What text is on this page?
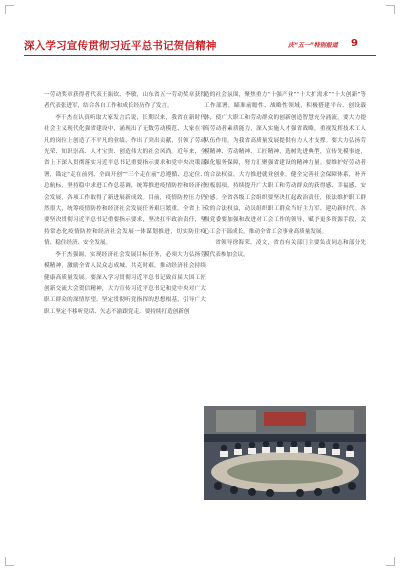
深入学习宣传贯彻习近平总书记贺信精神	庆“五一”特别报道 9

一劳动奖章获得者代表王振钦、李敏，山东省五一劳动奖章获得者代表张进军，结合各自工作和成长经历作了发言。

李干杰在认真听取大家发言后说，长期以来，我省在新时代社会主义现代化强省建设中，涌现出了无数劳动模范、大家在平凡的岗位上创造了不平凡的业绩，作出了突出贡献，引领了劳动光荣、知识崇高、人才宝贵、创造伟大的社会风尚。近年来，全省上下深入贯彻落实习近平总书记重要指示要求和党中央决策部署，锚定“走在前列、全面开创”“三个走在前”总遵循、总定位、总航标，坚持稳中求进工作总基调，统筹推进疫情防控和经济社会发展，各项工作取得了新进展新成效。目前，疫情防控压力仍然很大，统筹疫情防控和经济社会发展任务艰巨繁重。全省上下要坚决贯彻习近平总书记重要指示要求，坚决扛牢政治责任，坚持常态化疫情防控和经济社会发展一体谋划推进，切实防住疫情、稳住经济、安全发展。

李干杰强调，实现经济社会发展目标任务，必须大力弘扬劳模精神，激励全省人民众志成城、共克时艰，推动经济社会持续健康高质量发展。要深入学习贯彻习近平总书记致首届大国工匠创新交流大会贺信精神，大力宣传习近平总书记和党中央对广大职工群众的深情厚望，坚定贯彻听党指挥的思想根基，引导广大职工坚定不移听党话、矢志不渝跟党走。要持续打造创新创

造的社会氛围，聚焦重力“十强产业”“十大扩需求”“十大创新”等工作部署，瞄准前瞻性、战略性领域，积极搭建平台、创设载体，使广大职工和劳动群众的创新创造智慧充分涌流。要大力提高劳动者素质能力，深入实施人才强省战略，重视发挥技术工人队伍作用，为我省高质量发展提供有力人才支撑。要大力弘扬劳模精神、劳动精神、工匠精神，选树先进典型，宣传先模事迹，强化服务保障，努力汇聚强省建设的精神力量。要维护好劳动者的合法权益，大力推进就业创业，健全完善社会保障体系，补齐短板弱项，持续提升广大职工和劳动群众的获得感、幸福感、安全感。全省各级工会组织要坚决扛起政治责任，依法维护职工群众的合法权益，动员组织职工群众当好主力军、建功新时代。各级党委要加强和改进对工会工作的领导，赋予更多资源手段，关心工会干部成长，推动全省工会事业高质量发展。

省领导徐海荣、凌文，省直有关部门主要负责同志和部分先模代表参加会议。
